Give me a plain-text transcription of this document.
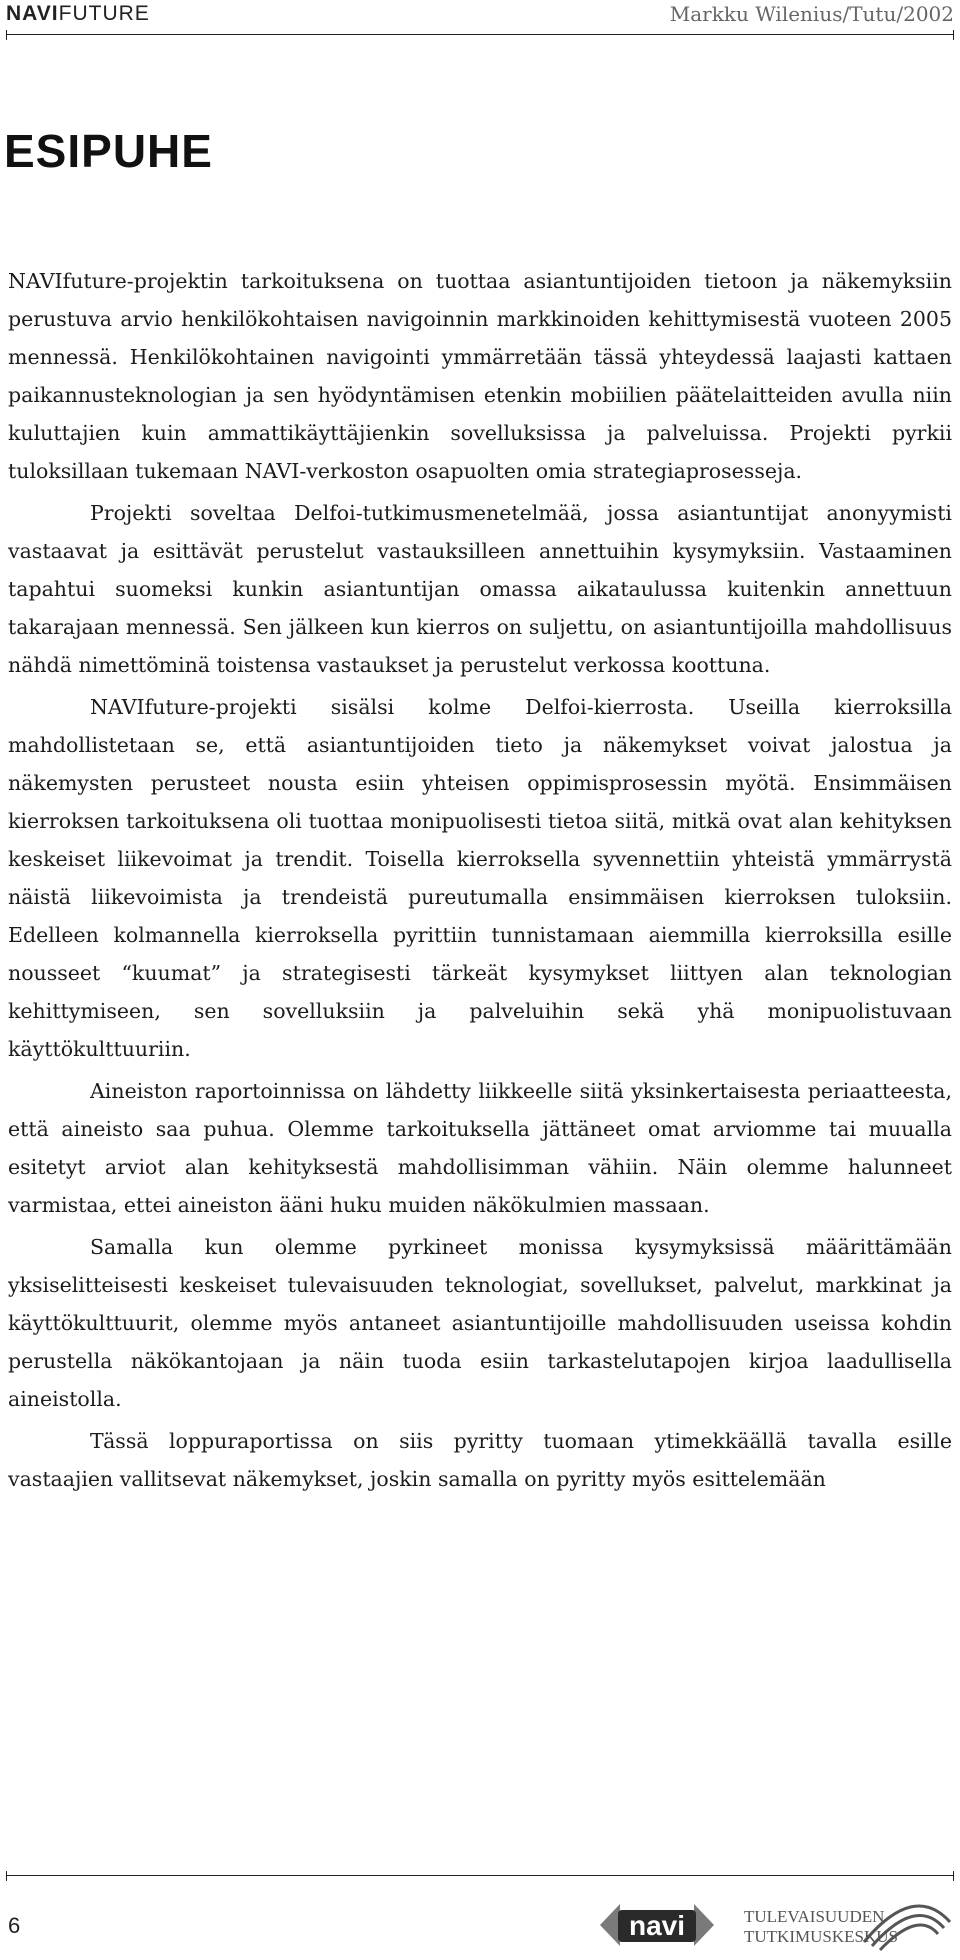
NAVIFUTURE	Markku Wilenius/Tutu/2002
ESIPUHE

NAVIfuture-projektin tarkoituksena on tuottaa asiantuntijoiden tietoon ja näkemyksiin perustuva arvio henkilökohtaisen navigoinnin markkinoiden kehittymisestä vuoteen 2005 mennessä. Henkilökohtainen navigointi ymmärretään tässä yhteydessä laajasti kattaen paikannusteknologian ja sen hyödyntämisen etenkin mobiilien päätelaitteiden avulla niin kuluttajien kuin ammattikäyttäjienkin sovelluksissa ja palveluissa. Projekti pyrkii tuloksillaan tukemaan NAVI-verkoston osapuolten omia strategiaprosesseja.

Projekti soveltaa Delfoi-tutkimusmenetelmää, jossa asiantuntijat anonyymisti vastaavat ja esittävät perustelut vastauksilleen annettuihin kysymyksiin. Vastaaminen tapahtui suomeksi kunkin asiantuntijan omassa aikataulussa kuitenkin annettuun takarajaan mennessä. Sen jälkeen kun kierros on suljettu, on asiantuntijoilla mahdollisuus nähdä nimettöminä toistensa vastaukset ja perustelut verkossa koottuna.

NAVIfuture-projekti sisälsi kolme Delfoi-kierrosta. Useilla kierroksilla mahdollistetaan se, että asiantuntijoiden tieto ja näkemykset voivat jalostua ja näkemysten perusteet nousta esiin yhteisen oppimisprosessin myötä. Ensimmäisen kierroksen tarkoituksena oli tuottaa monipuolisesti tietoa siitä, mitkä ovat alan kehityksen keskeiset liikevoimat ja trendit. Toisella kierroksella syvennettiin yhteistä ymmärrystä näistä liikevoimista ja trendeistä pureutumalla ensimmäisen kierroksen tuloksiin. Edelleen kolmannella kierroksella pyrittiin tunnistamaan aiemmilla kierroksilla esille nousseet “kuumat” ja strategisesti tärkeät kysymykset liittyen alan teknologian kehittymiseen, sen sovelluksiin ja palveluihin sekä yhä monipuolistuvaan käyttökulttuuriin.

Aineiston raportoinnissa on lähdetty liikkeelle siitä yksinkertaisesta periaatteesta, että aineisto saa puhua. Olemme tarkoituksella jättäneet omat arviomme tai muualla esitetyt arviot alan kehityksestä mahdollisimman vähiin. Näin olemme halunneet varmistaa, ettei aineiston ääni huku muiden näkökulmien massaan.

Samalla kun olemme pyrkineet monissa kysymyksissä määrittämään yksiselitteisesti keskeiset tulevaisuuden teknologiat, sovellukset, palvelut, markkinat ja käyttökulttuurit, olemme myös antaneet asiantuntijoille mahdollisuuden useissa kohdin perustella näkökantojaan ja näin tuoda esiin tarkastelutapojen kirjoa laadullisella aineistolla.

Tässä loppuraportissa on siis pyritty tuomaan ytimekkäällä tavalla esille vastaajien vallitsevat näkemykset, joskin samalla on pyritty myös esittelemään

6	navi	TULEVAISUUDEN
TUTKIMUSKESKUS
